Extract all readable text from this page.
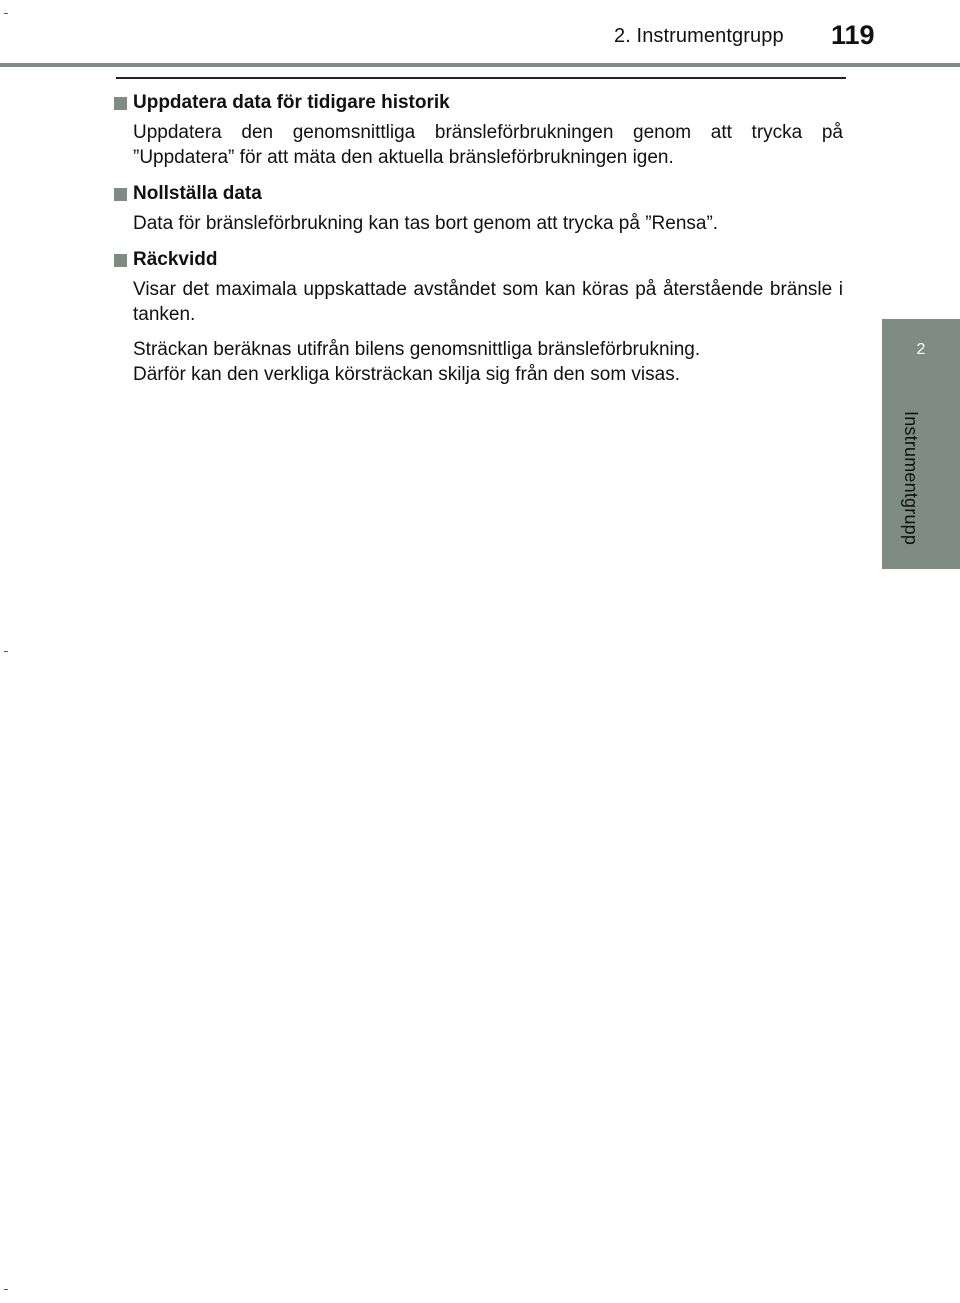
2. Instrumentgrupp 119
2
Instrumentgrupp
Uppdatera data för tidigare historik

Uppdatera den genomsnittliga bränsleförbrukningen genom att trycka på ”Uppdatera” för att mäta den aktuella bränsleförbrukningen igen.

Nollställa data

Data för bränsleförbrukning kan tas bort genom att trycka på ”Rensa”.

Räckvidd

Visar det maximala uppskattade avståndet som kan köras på återstående bränsle i tanken.

Sträckan beräknas utifrån bilens genomsnittliga bränsleförbrukning.

Därför kan den verkliga körsträckan skilja sig från den som visas.
